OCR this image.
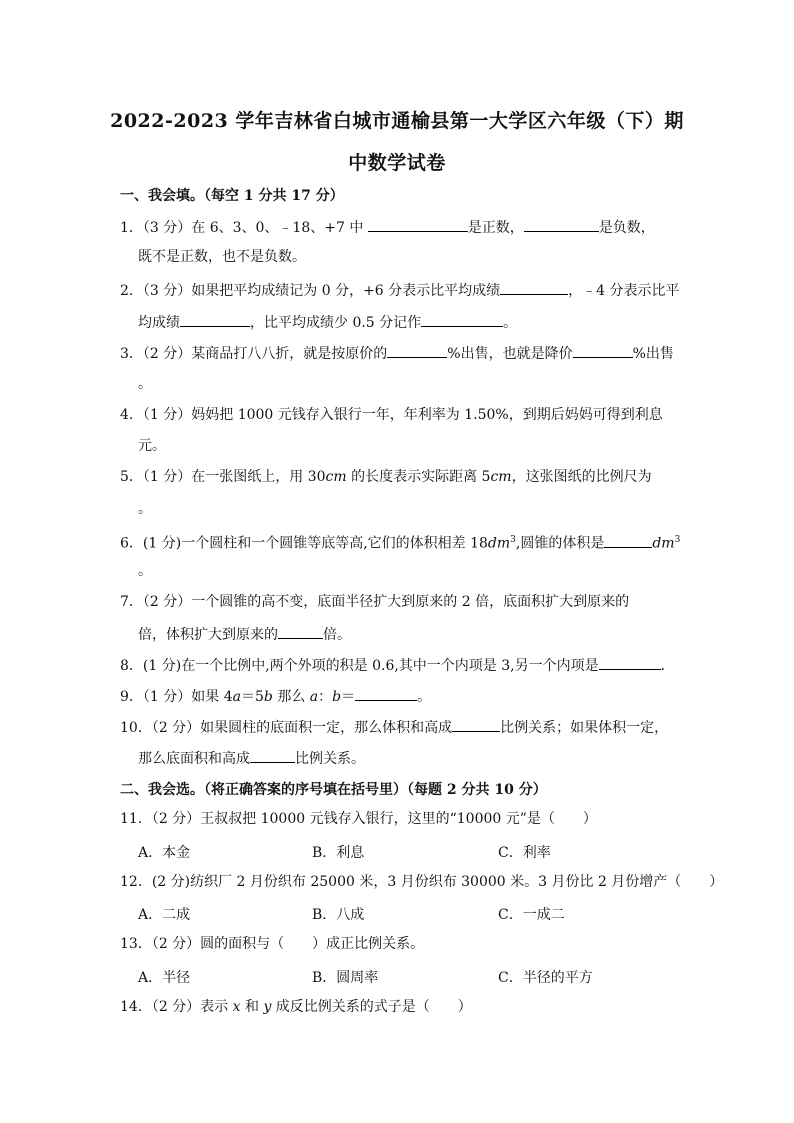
2022-2023 学年吉林省白城市通榆县第一大学区六年级（下）期
中数学试卷
一、我会填。（每空 1 分共 17 分）
1．（3 分）在 6、3、0、﹣18、+7 中	是正数，	是负数，
既不是正数，也不是负数。
2．（3 分）如果把平均成绩记为 0 分，+6 分表示比平均成绩	，﹣4 分表示比平
均成绩	，比平均成绩少 0.5 分记作	。
3．（2 分）某商品打八八折，就是按原价的	%出售，也就是降价	%出售
。
4．（1 分）妈妈把 1000 元钱存入银行一年，年利率为 1.50%，到期后妈妈可得到利息
元。
5．（1 分）在一张图纸上，用 30cm 的长度表示实际距离 5cm，这张图纸的比例尺为
。
6．(1 分)一个圆柱和一个圆锥等底等高,它们的体积相差 $18dm^3$,圆锥的体积是	$dm^3$
。
7．（2 分）一个圆锥的高不变，底面半径扩大到原来的 2 倍，底面积扩大到原来的
倍，体积扩大到原来的	倍。
8．(1 分)在一个比例中,两个外项的积是 0.6,其中一个内项是 3,另一个内项是	．
9．（1 分）如果 4a＝5b 那么 a：b＝	。
10．（2 分）如果圆柱的底面积一定，那么体积和高成	比例关系；如果体积一定，
那么底面积和高成	比例关系。
二、我会选。（将正确答案的序号填在括号里）（每题 2 分共 10 分）
11．（2 分）王叔叔把 10000 元钱存入银行，这里的“10000 元”是（　　）
A．本金	B．利息	C．利率
12．(2 分)纺织厂 2 月份织布 25000 米，3 月份织布 30000 米。3 月份比 2 月份增产（　　）
A．二成	B．八成	C．一成二
13．（2 分）圆的面积与（　　）成正比例关系。
A．半径	B．圆周率	C．半径的平方
14．（2 分）表示 x 和 y 成反比例关系的式子是（　　）
